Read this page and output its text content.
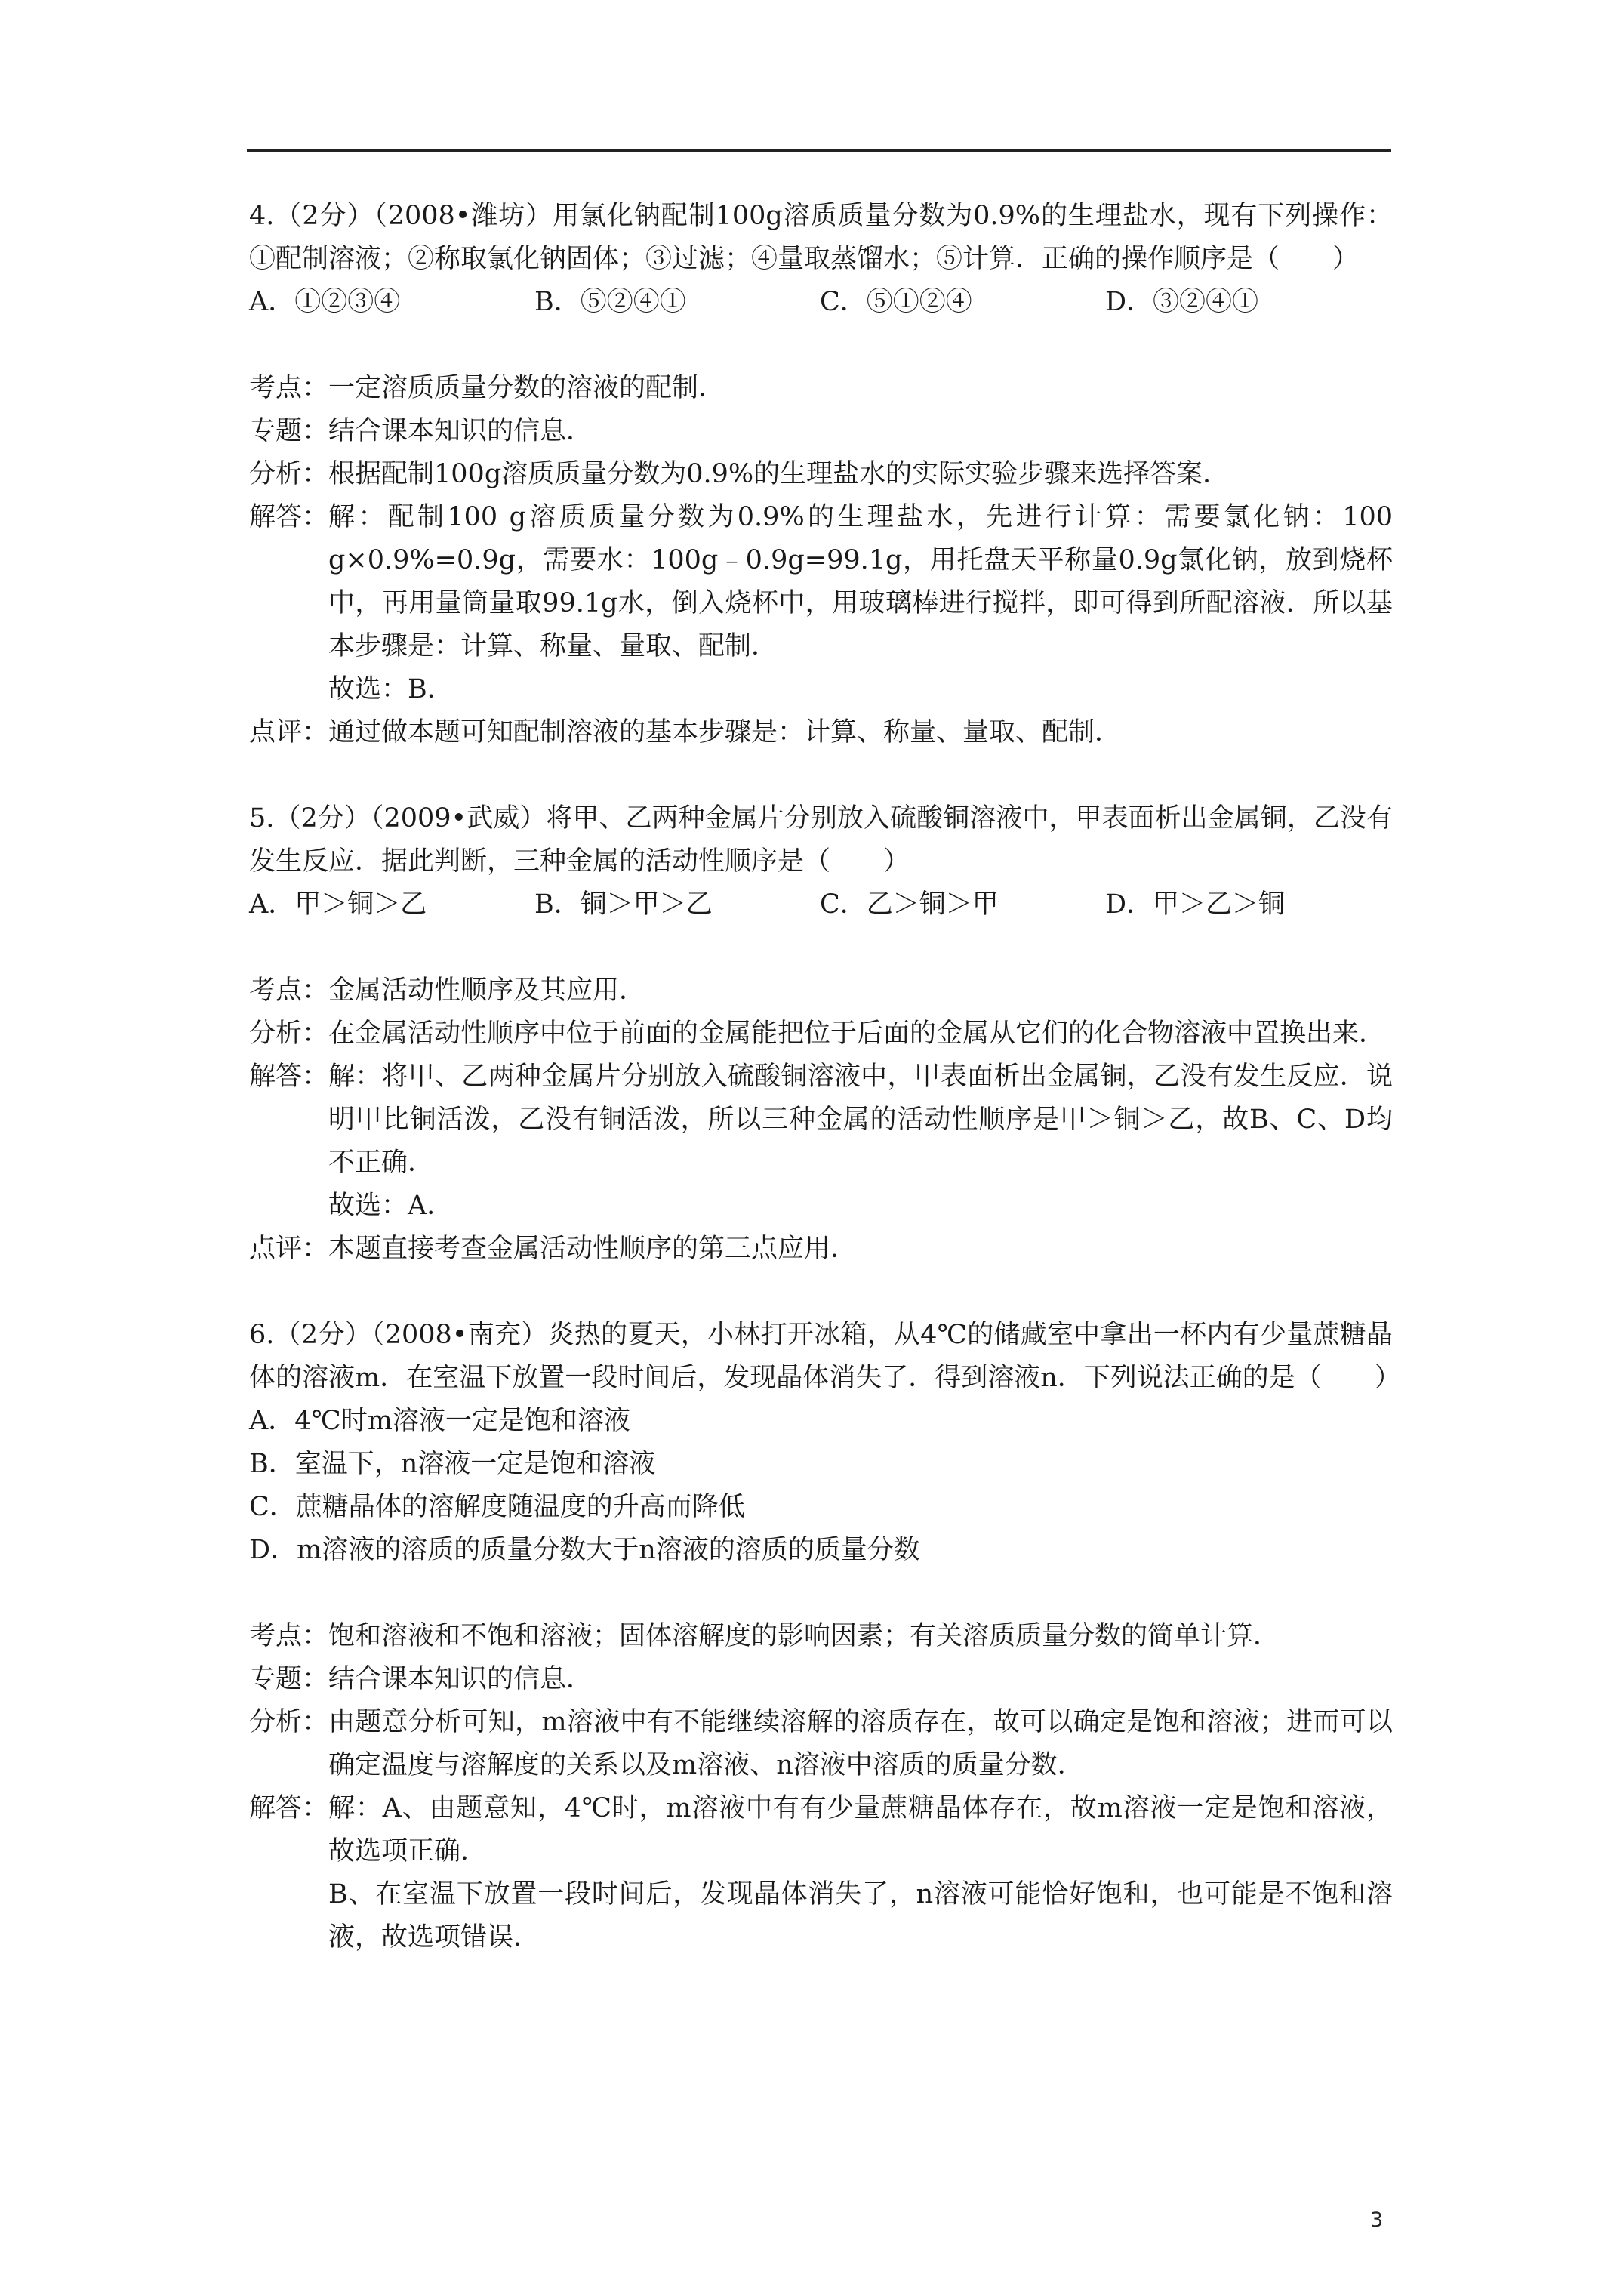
4.（2分）（2008•潍坊）用氯化钠配制100g溶质质量分数为0.9%的生理盐水，现有下列操作：①配制溶液；②称取氯化钠固体；③过滤；④量取蒸馏水；⑤计算．正确的操作顺序是（　　）

A．①②③④	B．⑤②④①	C．⑤①②④	D．③②④①
考点： 一定溶质质量分数的溶液的配制．

专题： 结合课本知识的信息．

分析： 根据配制100g溶质质量分数为0.9%的生理盐水的实际实验步骤来选择答案．

解答： 解：配制100 g溶质质量分数为0.9%的生理盐水，先进行计算：需要氯化钠：100 g×0.9%=0.9g，需要水：100g﹣0.9g=99.1g，用托盘天平称量0.9g氯化钠，放到烧杯中，再用量筒量取99.1g水，倒入烧杯中，用玻璃棒进行搅拌，即可得到所配溶液．所以基本步骤是：计算、称量、量取、配制．

故选：B．

点评： 通过做本题可知配制溶液的基本步骤是：计算、称量、量取、配制．

5.（2分）（2009•武威）将甲、乙两种金属片分别放入硫酸铜溶液中，甲表面析出金属铜，乙没有发生反应．据此判断，三种金属的活动性顺序是（　　）

A．甲＞铜＞乙	B．铜＞甲＞乙	C．乙＞铜＞甲	D．甲＞乙＞铜
考点： 金属活动性顺序及其应用．

分析： 在金属活动性顺序中位于前面的金属能把位于后面的金属从它们的化合物溶液中置换出来．

解答： 解：将甲、乙两种金属片分别放入硫酸铜溶液中，甲表面析出金属铜，乙没有发生反应．说明甲比铜活泼，乙没有铜活泼，所以三种金属的活动性顺序是甲＞铜＞乙，故B、C、D均不正确．

故选：A．

点评： 本题直接考查金属活动性顺序的第三点应用．

6.（2分）（2008•南充）炎热的夏天，小林打开冰箱，从4℃的储藏室中拿出一杯内有少量蔗糖晶体的溶液m．在室温下放置一段时间后，发现晶体消失了．得到溶液n．下列说法正确的是（　　）

A．4℃时m溶液一定是饱和溶液

B．室温下，n溶液一定是饱和溶液

C．蔗糖晶体的溶解度随温度的升高而降低

D．m溶液的溶质的质量分数大于n溶液的溶质的质量分数

考点： 饱和溶液和不饱和溶液；固体溶解度的影响因素；有关溶质质量分数的简单计算．

专题： 结合课本知识的信息．

分析： 由题意分析可知，m溶液中有不能继续溶解的溶质存在，故可以确定是饱和溶液；进而可以确定温度与溶解度的关系以及m溶液、n溶液中溶质的质量分数．

解答： 解：A、由题意知，4℃时，m溶液中有有少量蔗糖晶体存在，故m溶液一定是饱和溶液，故选项正确．

B、在室温下放置一段时间后，发现晶体消失了，n溶液可能恰好饱和，也可能是不饱和溶液，故选项错误．

3
